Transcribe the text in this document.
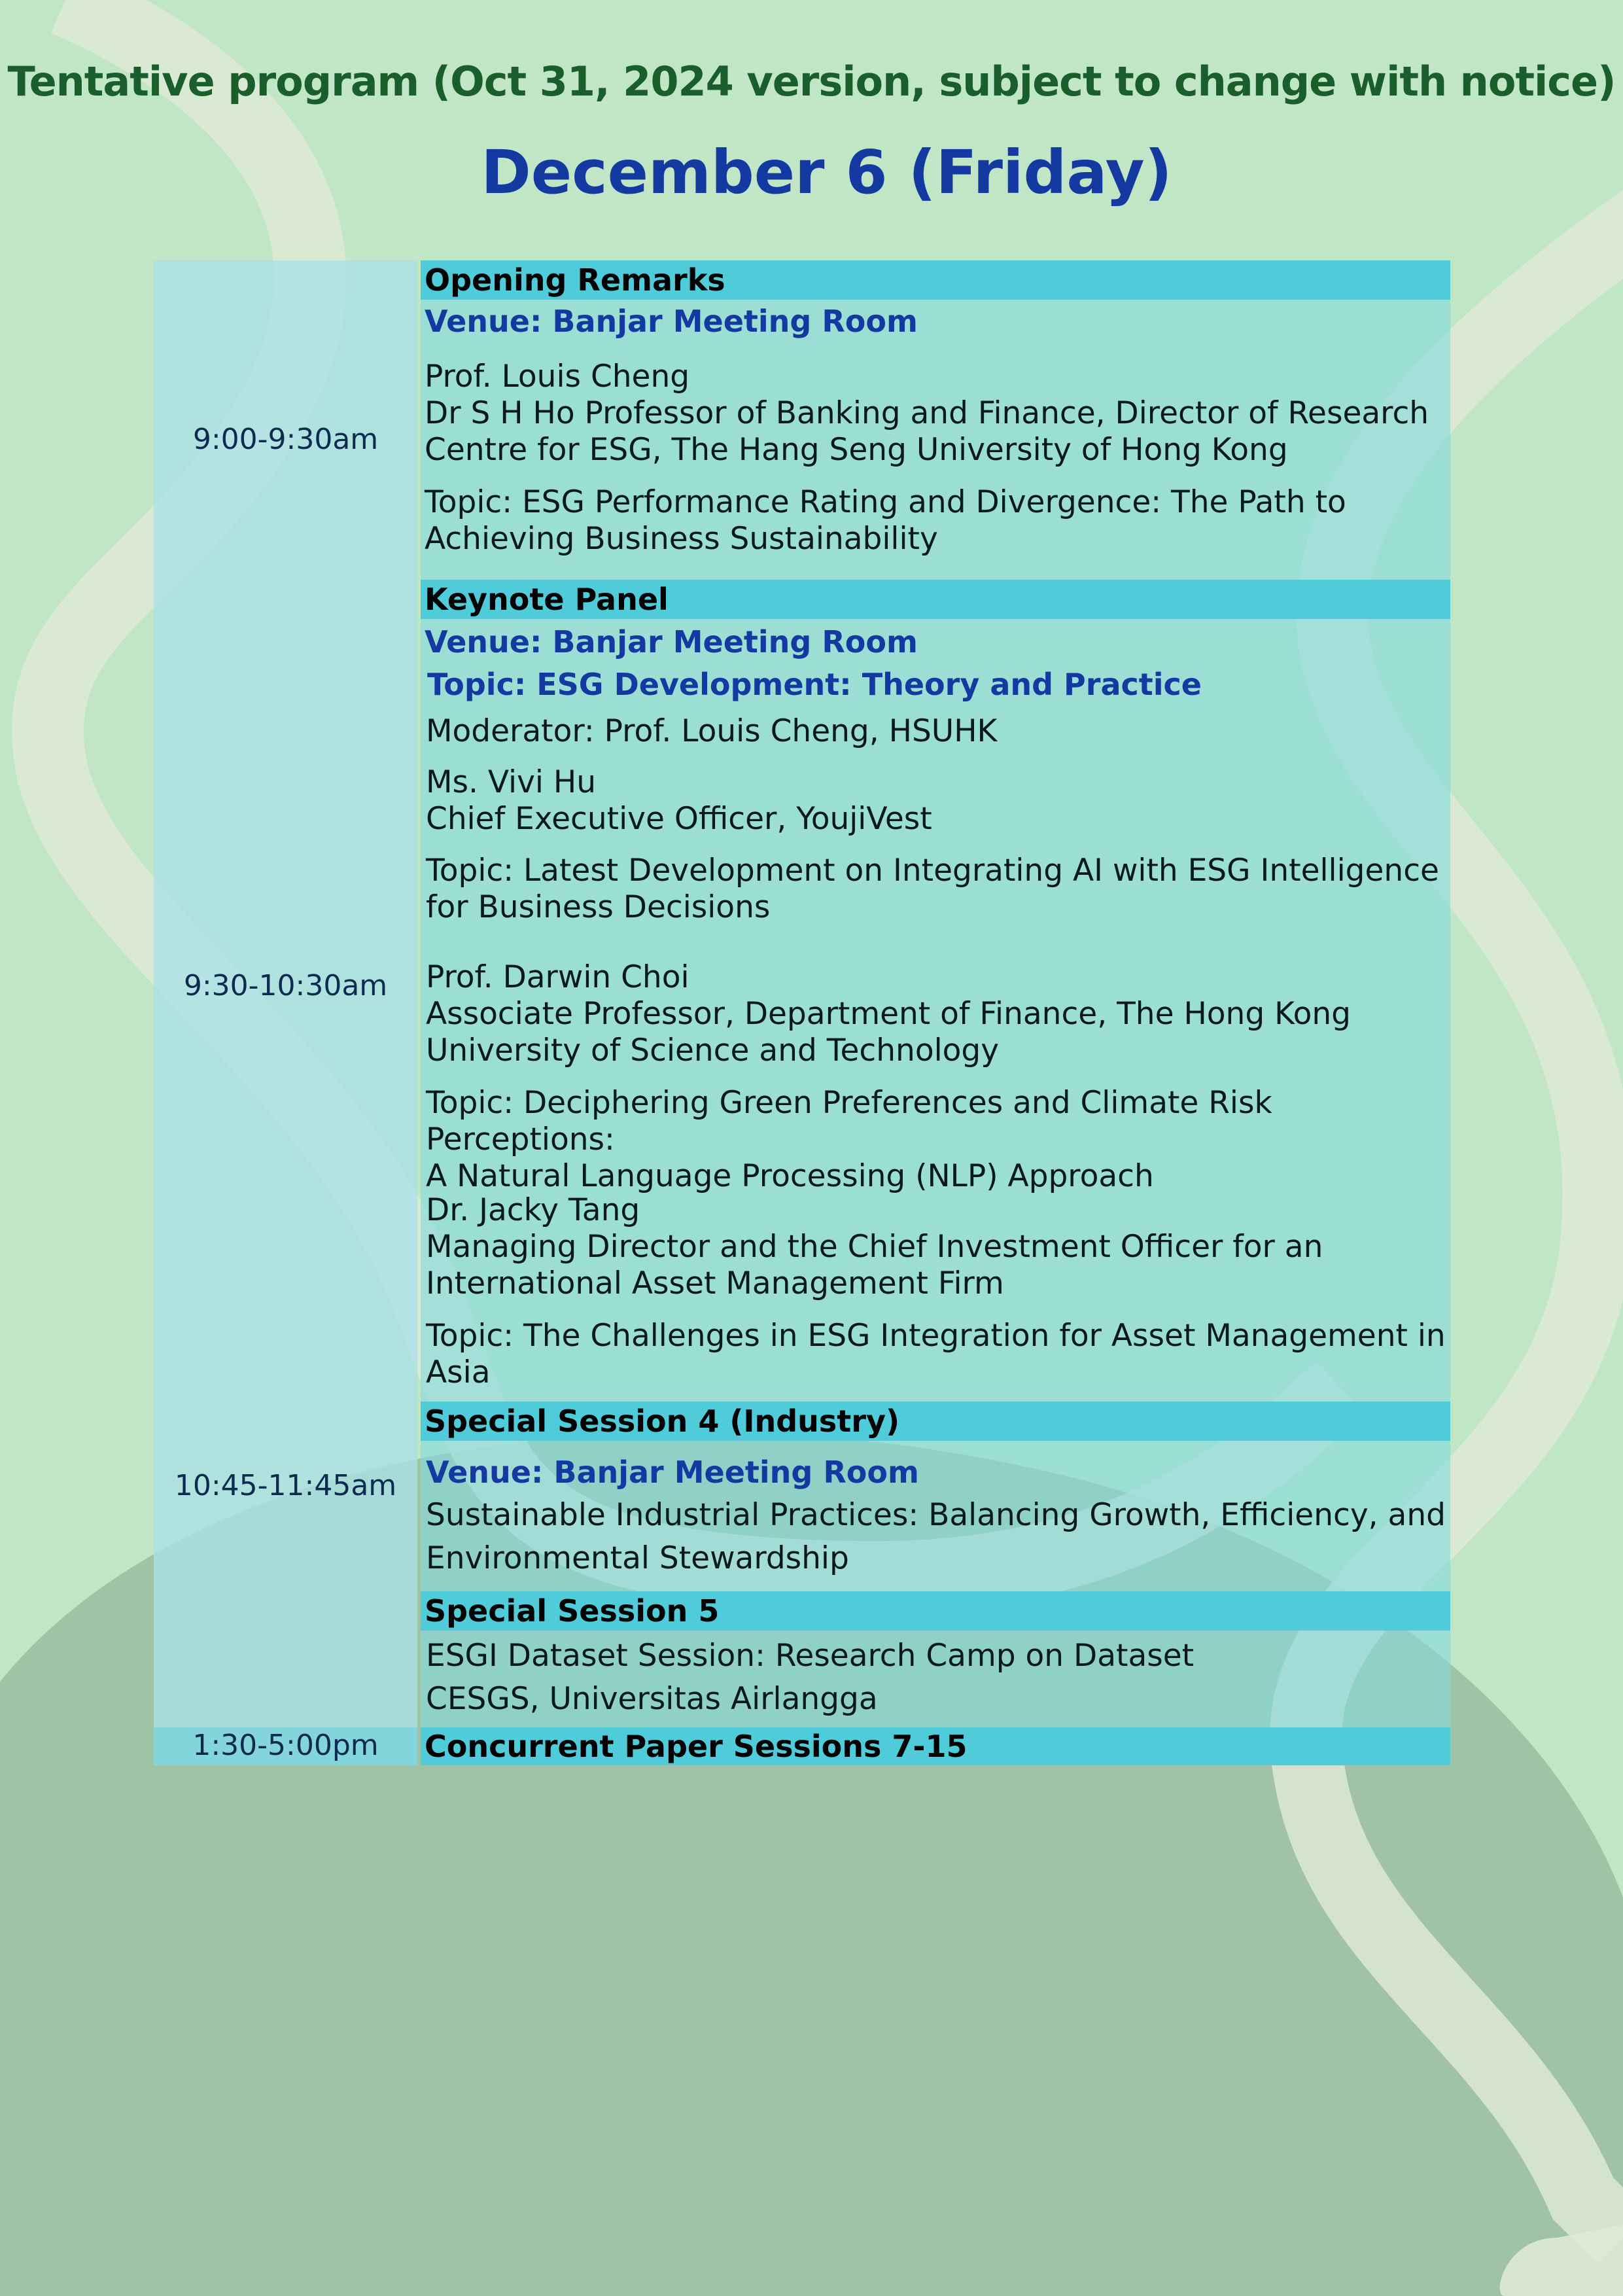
Tentative program (Oct 31, 2024 version, subject to change with notice)
December 6 (Friday)
9:00-9:30am
9:30-10:30am
10:45-11:45am
1:30-5:00pm
Opening Remarks
Venue: Banjar Meeting Room
Prof. Louis Cheng
Dr S H Ho Professor of Banking and Finance, Director of Research
Centre for ESG, The Hang Seng University of Hong Kong
Topic: ESG Performance Rating and Divergence: The Path to
Achieving Business Sustainability
Keynote Panel
Venue: Banjar Meeting Room
Topic: ESG Development: Theory and Practice
Moderator: Prof. Louis Cheng, HSUHK
Ms. Vivi Hu
Chief Executive Officer, YoujiVest
Topic: Latest Development on Integrating AI with ESG Intelligence
for Business Decisions
Prof. Darwin Choi
Associate Professor, Department of Finance, The Hong Kong
University of Science and Technology
Topic: Deciphering Green Preferences and Climate Risk Perceptions:
A Natural Language Processing (NLP) Approach
Dr. Jacky Tang
Managing Director and the Chief Investment Officer for an
International Asset Management Firm
Topic: The Challenges in ESG Integration for Asset Management in
Asia
Special Session 4 (Industry)
Venue: Banjar Meeting Room
Sustainable Industrial Practices: Balancing Growth, Efficiency, and
Environmental Stewardship
Special Session 5
ESGI Dataset Session: Research Camp on Dataset
CESGS, Universitas Airlangga
Concurrent Paper Sessions 7-15
